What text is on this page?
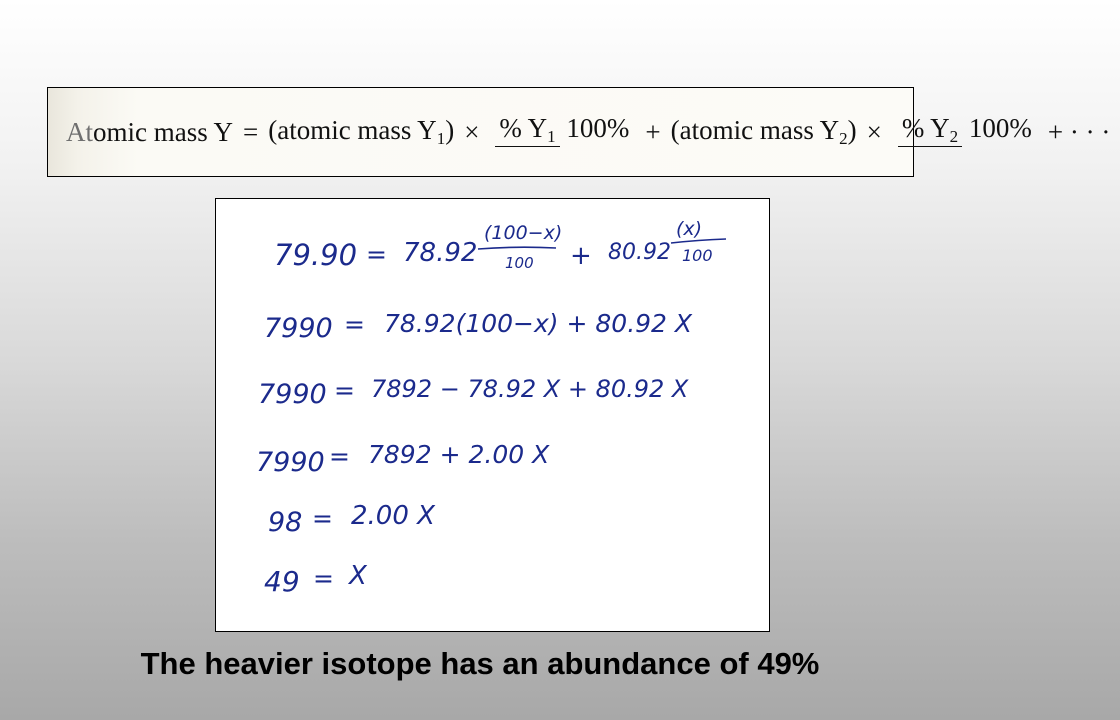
Atomic mass Y = (atomic mass $Y_1$) × % $Y_1$ 100% + (atomic mass $Y_2$) × % $Y_2$ 100% + · · ·
79.90 = 78.92
(100−x)
100 + 80.92
(x)
100
7990 = 78.92(100−x) + 80.92 X
7990 = 7892 − 78.92 X + 80.92 X
7990 = 7892 + 2.00 X
98 = 2.00 X
49 = X
The heavier isotope has an abundance of 49%
